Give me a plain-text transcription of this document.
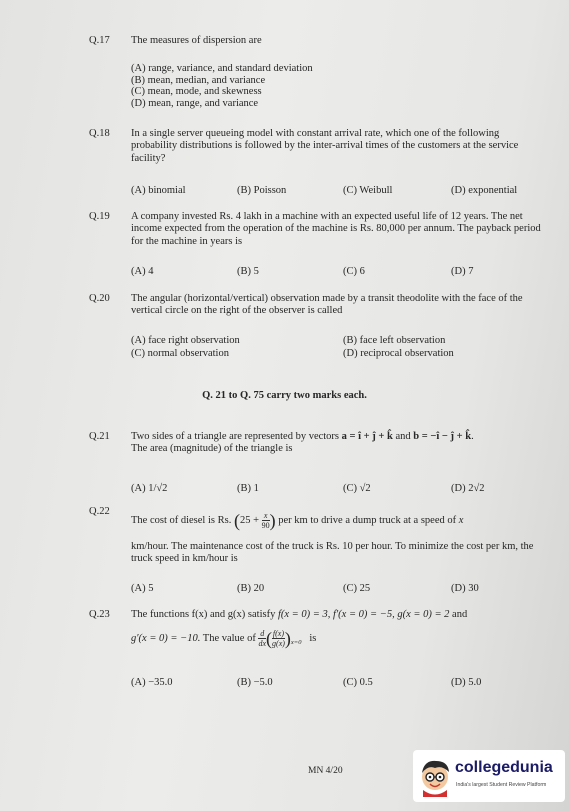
Q.17 The measures of dispersion are
(A) range, variance, and standard deviation
(B) mean, median, and variance
(C) mean, mode, and skewness
(D) mean, range, and variance
Q.18 In a single server queueing model with constant arrival rate, which one of the following probability distributions is followed by the inter-arrival times of the customers at the service facility?
(A) binomial	(B) Poisson	(C) Weibull	(D) exponential
Q.19 A company invested Rs. 4 lakh in a machine with an expected useful life of 12 years. The net income expected from the operation of the machine is Rs. 80,000 per annum. The payback period for the machine in years is
(A) 4	(B) 5	(C) 6	(D) 7
Q.20 The angular (horizontal/vertical) observation made by a transit theodolite with the face of the vertical circle on the right of the observer is called
(A) face right observation	(B) face left observation
(C) normal observation	(D) reciprocal observation
Q. 21 to Q. 75 carry two marks each.
Q.21 Two sides of a triangle are represented by vectors a = î + ĵ + k̂ and b = −î − ĵ + k̂.
The area (magnitude) of the triangle is
(A) 1/√2	(B) 1	(C) √2	(D) 2√2
Q.22
The cost of diesel is Rs. ($25 + \frac{x}{90}$ ) per km to drive a dump truck at a speed of x
km/hour. The maintenance cost of the truck is Rs. 10 per hour. To minimize the cost per km, the truck speed in km/hour is
(A) 5	(B) 20	(C) 25	(D) 30
Q.23 The functions f(x) and g(x) satisfy f(x = 0) = 3, f′(x = 0) = −5, g(x = 0) = 2 and
g′(x = 0) = −10. The value of $\frac{d}{dx}$ ( $\frac{f(x)}{g(x)} )_{x=0}$ is
(A) −35.0	(B) −5.0	(C) 0.5	(D) 5.0
MN 4/20	collegedunia
India's largest Student Review Platform
